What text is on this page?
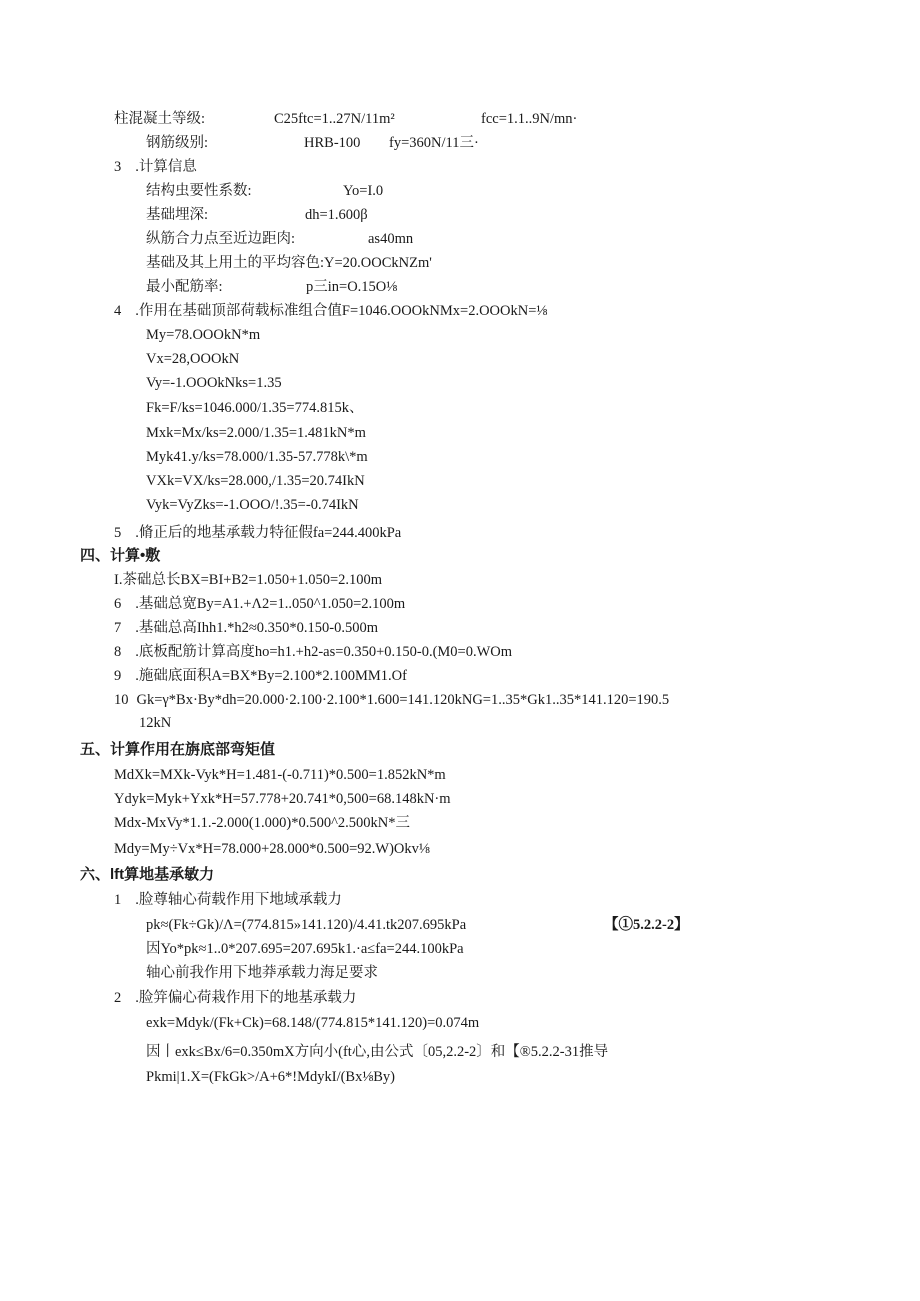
柱混凝土等级:	C25ftc=1..27N/11m²	fcc=1.1..9N/mn·
钢筋级别:	HRB-100 fy=360N/11三·
3 .计算信息
结构虫要性系数:	Yo=I.0
基础埋深:	dh=1.600β
纵筋合力点至近边距肉:	as40mn
基础及其上用土的平均容色:Y=20.OOCkNZm'
最小配筋率:	p三in=O.15O⅛
4 .作用在基础顶部荷载标准组合值F=1046.OOOkNMx=2.OOOkN=⅛
My=78.OOOkN*m
Vx=28,OOOkN
Vy=-1.OOOkNks=1.35
Fk=F/ks=1046.000/1.35=774.815k、
Mxk=Mx/ks=2.000/1.35=1.481kN*m
Myk41.y/ks=78.000/1.35-57.778k\*m
VXk=VX/ks=28.000,/1.35=20.74IkN
Vyk=VyZks=-1.OOO/!.35=-0.74IkN
5 .脩正后的地基承载力特征假fa=244.400kPa
四、计算•敷
I.茶础总长BX=BI+B2=1.050+1.050=2.100m
6 .基础总宽By=A1.+Λ2=1..050^1.050=2.100m
7 .基础总高Ihh1.*h2≈0.350*0.150-0.500m
8 .底板配筋计算高度ho=h1.+h2-as=0.350+0.150-0.(M0=0.WOm
9 .施础底面积A=BX*By=2.100*2.100MM1.Of
10 Gk=γ*Bx·By*dh=20.000·2.100·2.100*1.600=141.120kNG=1..35*Gk1..35*141.120=190.5
12kN
五、计算作用在旃底部弯矩值
MdXk=MXk-Vyk*H=1.481-(-0.711)*0.500=1.852kN*m
Ydyk=Myk+Yxk*H=57.778+20.741*0,500=68.148kN·m
Mdx-MxVy*1.1.-2.000(1.000)*0.500^2.500kN*三
Mdy=My÷Vx*H=78.000+28.000*0.500=92.W)Okv⅛
六、lft算地基承敏力
1 .脸尊轴心荷载作用下地域承载力
pk≈(Fk÷Gk)/Λ=(774.815»141.120)/4.41.tk207.695kPa	【①5.2.2-2】
因Yo*pk≈1..0*207.695=207.695k1.·a≤fa=244.100kPa
轴心前我作用下地莽承载力海足要求
2 .脸笄偏心荷栽作用下的地基承载力
exk=Mdyk/(Fk+Ck)=68.148/(774.815*141.120)=0.074m
因丨exk≤Bx/6=0.350mX方向小(ft心,由公式〔05,2.2-2〕和【®5.2.2-31推导
Pkmi|1.X=(FkGk>/A+6*!MdykI/(Bx⅛By)
